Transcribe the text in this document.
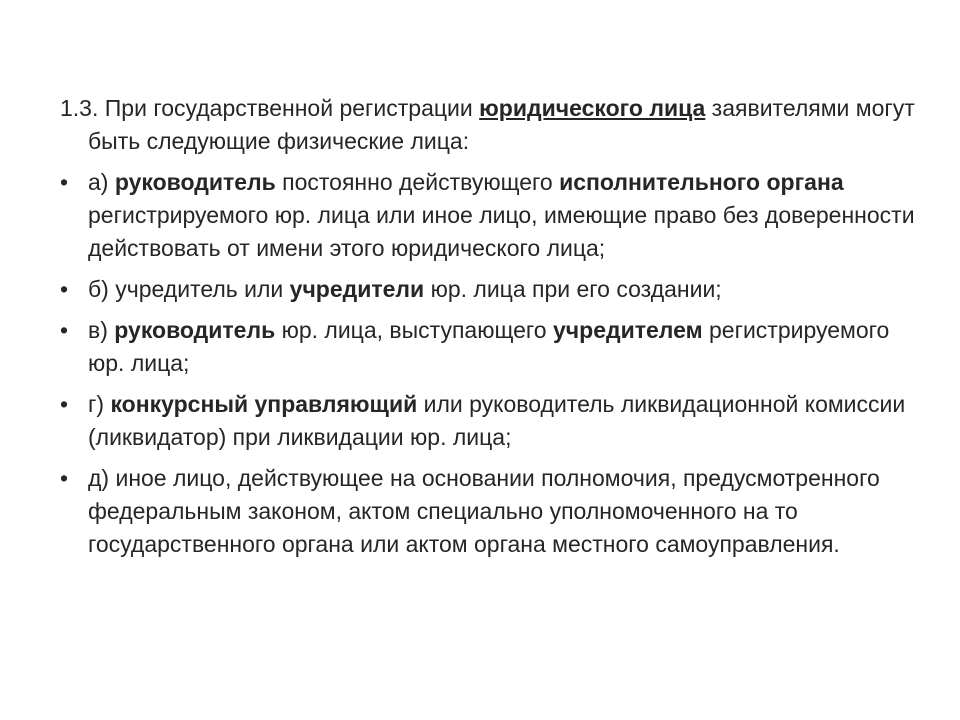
1.3. При государственной регистрации юридического лица заявителями могут быть следующие физические лица:

• а) руководитель постоянно действующего исполнительного органа регистрируемого юр. лица или иное лицо, имеющие право без доверенности действовать от имени этого юридического лица;
• б) учредитель или учредители юр. лица при его создании;
• в) руководитель юр. лица, выступающего учредителем регистрируемого юр. лица;
• г) конкурсный управляющий или руководитель ликвидационной комиссии (ликвидатор) при ликвидации юр. лица;
• д) иное лицо, действующее на основании полномочия, предусмотренного федеральным законом, актом специально уполномоченного на то государственного органа или актом органа местного самоуправления.
